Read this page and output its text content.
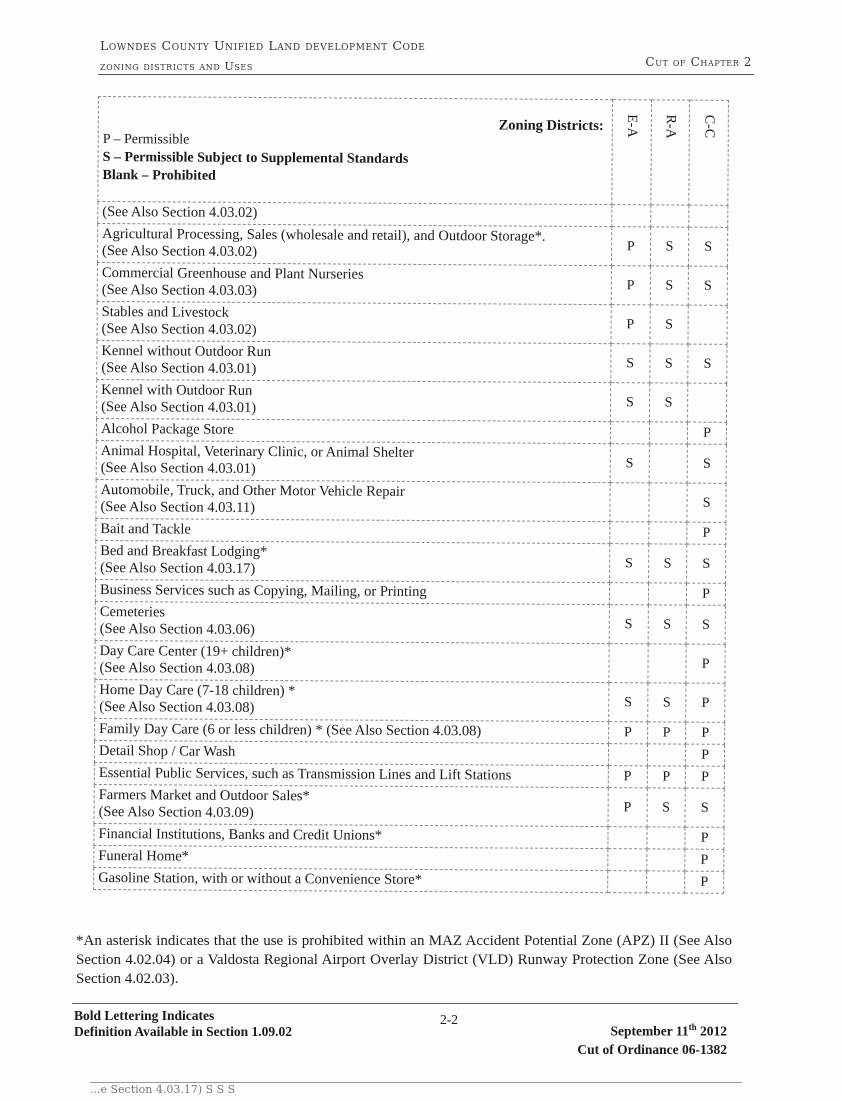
Lowndes County Unified Land development Code
zoning districts and Uses	Cut of Chapter 2
P – Permissible
S – Permissible Subject to Supplemental Standards
Blank – Prohibited
Zoning Districts:	E-A	R-A	C-C

(See Also Section 4.03.02)			

Agricultural Processing, Sales (wholesale and retail), and Outdoor Storage*.
(See Also Section 4.03.02)	P	S	S

Commercial Greenhouse and Plant Nurseries
(See Also Section 4.03.03)	P	S	S

Stables and Livestock
(See Also Section 4.03.02)	P	S	

Kennel without Outdoor Run
(See Also Section 4.03.01)	S	S	S

Kennel with Outdoor Run
(See Also Section 4.03.01)	S	S	

Alcohol Package Store			P

Animal Hospital, Veterinary Clinic, or Animal Shelter
(See Also Section 4.03.01)	S		S

Automobile, Truck, and Other Motor Vehicle Repair
(See Also Section 4.03.11)			S

Bait and Tackle			P

Bed and Breakfast Lodging*
(See Also Section 4.03.17)	S	S	S

Business Services such as Copying, Mailing, or Printing			P

Cemeteries
(See Also Section 4.03.06)	S	S	S

Day Care Center (19+ children)*
(See Also Section 4.03.08)			P

Home Day Care (7-18 children) *
(See Also Section 4.03.08)	S	S	P

Family Day Care (6 or less children) * (See Also Section 4.03.08)	P	P	P

Detail Shop / Car Wash			P

Essential Public Services, such as Transmission Lines and Lift Stations	P	P	P

Farmers Market and Outdoor Sales*
(See Also Section 4.03.09)	P	S	S

Financial Institutions, Banks and Credit Unions*			P

Funeral Home*			P

Gasoline Station, with or without a Convenience Store*			P
*An asterisk indicates that the use is prohibited within an MAZ Accident Potential Zone (APZ) II (See Also Section 4.02.04) or a Valdosta Regional Airport Overlay District (VLD) Runway Protection Zone (See Also Section 4.02.03).
Bold Lettering Indicates
Definition Available in Section 1.09.02
2-2
September 11th 2012
Cut of Ordinance 06-1382
...e Section 4.03.17) S S S
